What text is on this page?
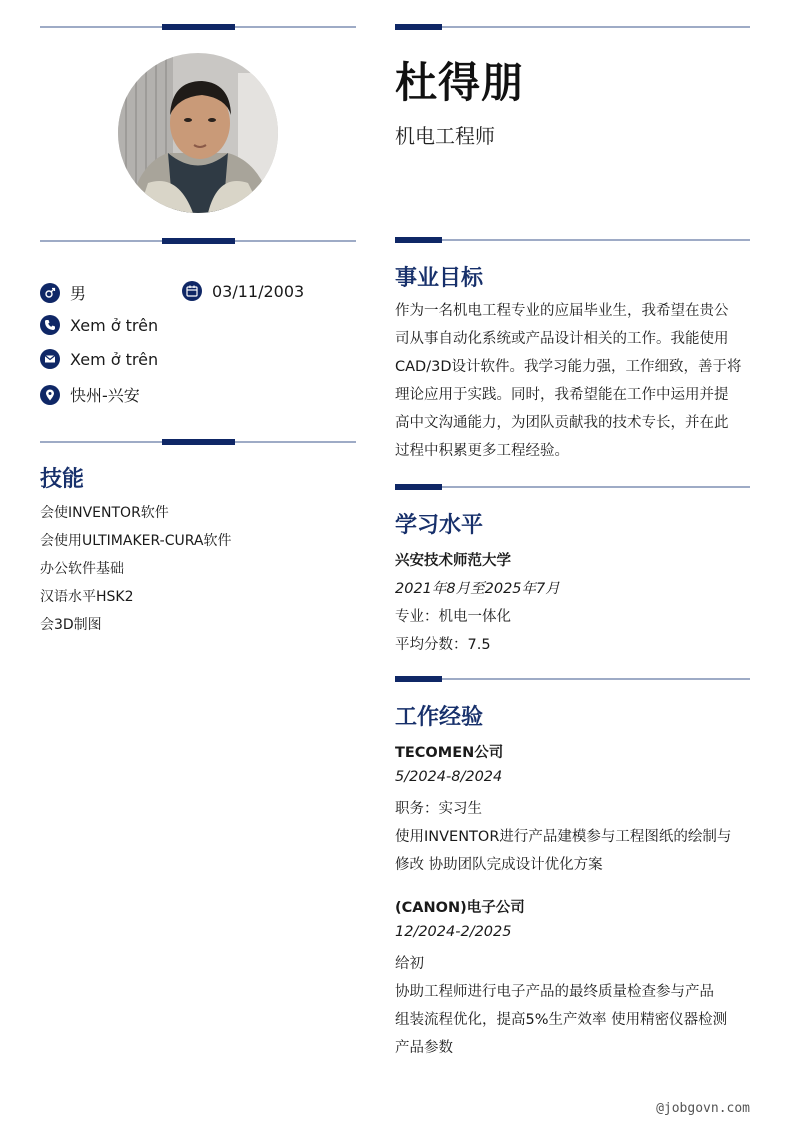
杜得朋
机电工程师
男	03/11/2003
Xem ở trên
Xem ở trên
快州-兴安
技能
会使INVENTOR软件
会使用ULTIMAKER-CURA软件
办公软件基础
汉语水平HSK2
会3D制图
事业目标
作为一名机电工程专业的应届毕业生，我希望在贵公
司从事自动化系统或产品设计相关的工作。我能使用
CAD/3D设计软件。我学习能力强，工作细致，善于将
理论应用于实践。同时，我希望能在工作中运用并提
高中文沟通能力，为团队贡献我的技术专长，并在此
过程中积累更多工程经验。
学习水平
兴安技术师范大学
2021年8月至2025年7月
专业：机电一体化
平均分数：7.5
工作经验
TECOMEN公司
5/2024-8/2024
职务：实习生
使用INVENTOR进行产品建模参与工程图纸的绘制与
修改 协助团队完成设计优化方案
(CANON)电子公司
12/2024-2/2025
给初
协助工程师进行电子产品的最终质量检查参与产品
组装流程优化，提高5%生产效率 使用精密仪器检测
产品参数
@jobgovn.com
